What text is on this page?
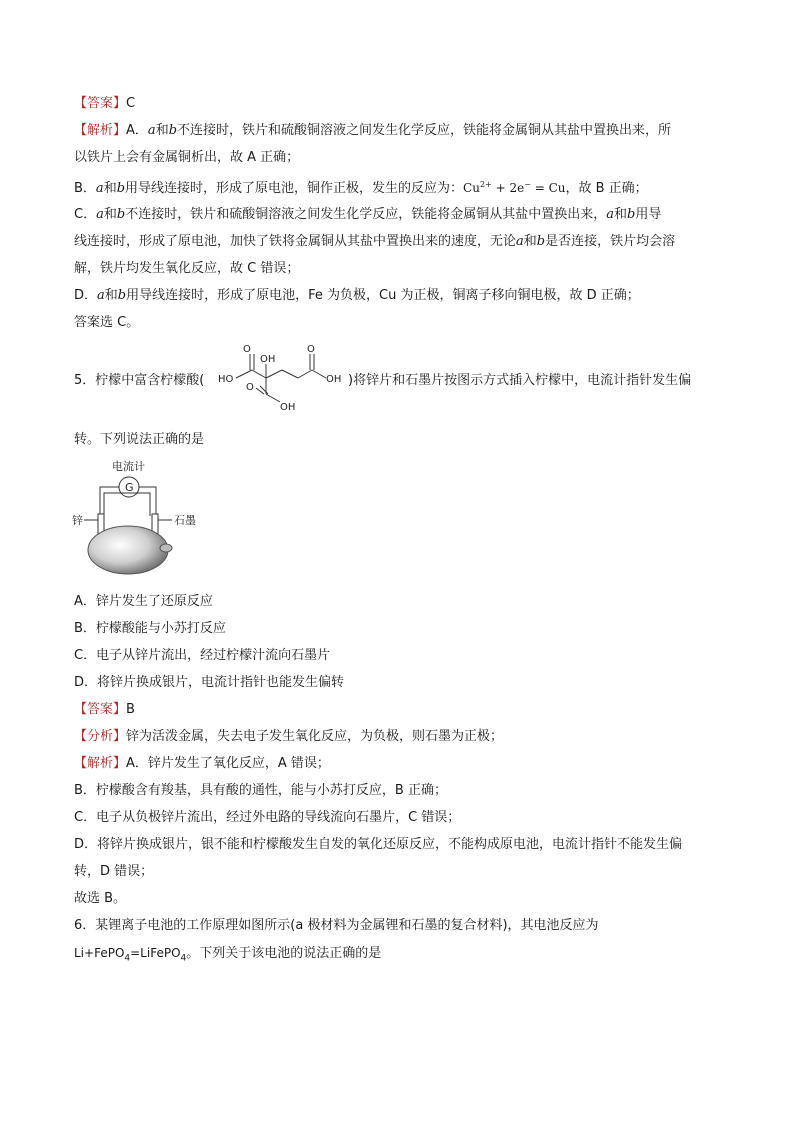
【答案】C
【解析】A．a和b不连接时，铁片和硫酸铜溶液之间发生化学反应，铁能将金属铜从其盐中置换出来，所
以铁片上会有金属铜析出，故 A 正确；
B．a和b用导线连接时，形成了原电池，铜作正极，发生的反应为：$Cu^{2+} + 2e^- = Cu$，故 B 正确；
C．a和b不连接时，铁片和硫酸铜溶液之间发生化学反应，铁能将金属铜从其盐中置换出来，a和b用导
线连接时，形成了原电池，加快了铁将金属铜从其盐中置换出来的速度，无论a和b是否连接，铁片均会溶
解，铁片均发生氧化反应，故 C 错误；
D．a和b用导线连接时，形成了原电池，Fe 为负极，Cu 为正极，铜离子移向铜电极，故 D 正确；
答案选 C。
5．柠檬中富含柠檬酸(
O
OH
O
HO	OH
O
OH
)将锌片和石墨片按图示方式插入柠檬中，电流计指针发生偏
转。下列说法正确的是
电流计
G
锌	石墨
A．锌片发生了还原反应
B．柠檬酸能与小苏打反应
C．电子从锌片流出，经过柠檬汁流向石墨片
D．将锌片换成银片，电流计指针也能发生偏转
【答案】B
【分析】锌为活泼金属，失去电子发生氧化反应，为负极，则石墨为正极；
【解析】A．锌片发生了氧化反应，A 错误；
B．柠檬酸含有羧基，具有酸的通性，能与小苏打反应，B 正确；
C．电子从负极锌片流出，经过外电路的导线流向石墨片，C 错误；
D．将锌片换成银片，银不能和柠檬酸发生自发的氧化还原反应，不能构成原电池，电流计指针不能发生偏
转，D 错误；
故选 B。
6．某锂离子电池的工作原理如图所示(a 极材料为金属锂和石墨的复合材料)，其电池反应为
Li+FePO$_4$=LiFePO$_4$。下列关于该电池的说法正确的是
